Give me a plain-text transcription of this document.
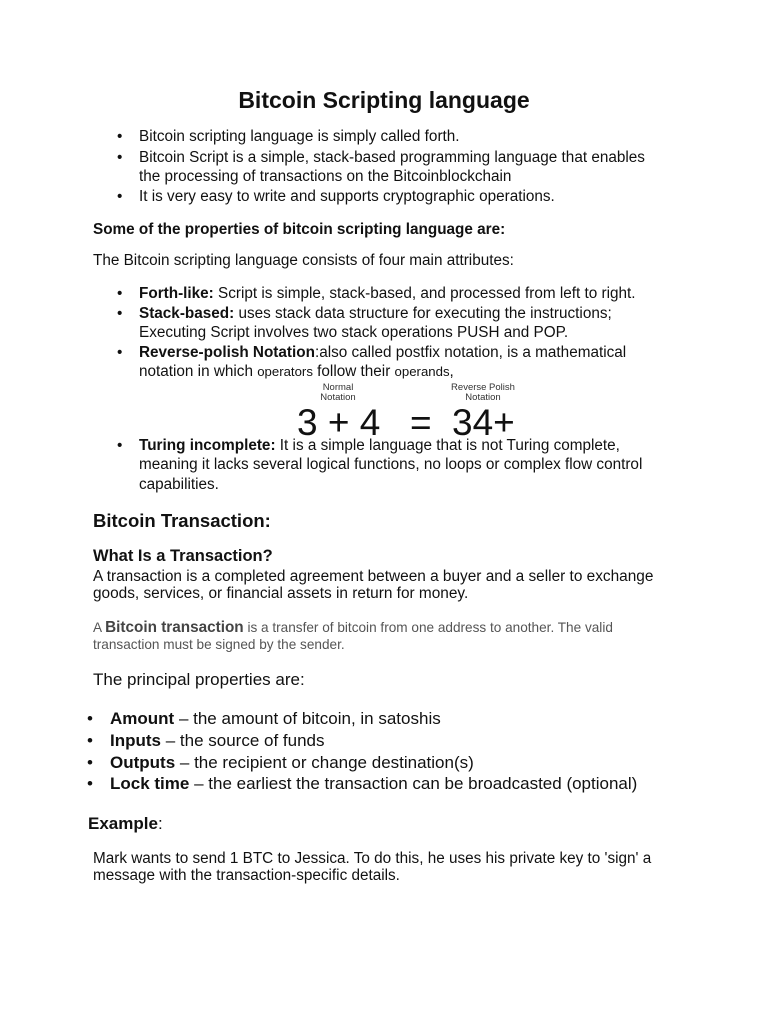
Bitcoin Scripting language
• Bitcoin scripting language is simply called forth.
• Bitcoin Script is a simple, stack-based programming language that enables
the processing of transactions on the Bitcoinblockchain
• It is very easy to write and supports cryptographic operations.
Some of the properties of bitcoin scripting language are:
The Bitcoin scripting language consists of four main attributes:
• Forth-like: Script is simple, stack-based, and processed from left to right.
• Stack-based: uses stack data structure for executing the instructions;
Executing Script involves two stack operations PUSH and POP.
• Reverse-polish Notation:also called postfix notation, is a mathematical
notation in which operators follow their operands,
Normal
Notation
Reverse Polish
Notation
3 + 4 = 34+
• Turing incomplete: It is a simple language that is not Turing complete,
meaning it lacks several logical functions, no loops or complex flow control
capabilities.
Bitcoin Transaction:
What Is a Transaction?
A transaction is a completed agreement between a buyer and a seller to exchange
goods, services, or financial assets in return for money.
A Bitcoin transaction is a transfer of bitcoin from one address to another. The valid
transaction must be signed by the sender.
The principal properties are:
• Amount – the amount of bitcoin, in satoshis
• Inputs – the source of funds
• Outputs – the recipient or change destination(s)
• Lock time – the earliest the transaction can be broadcasted (optional)
Example:
Mark wants to send 1 BTC to Jessica. To do this, he uses his private key to 'sign' a
message with the transaction-specific details.
